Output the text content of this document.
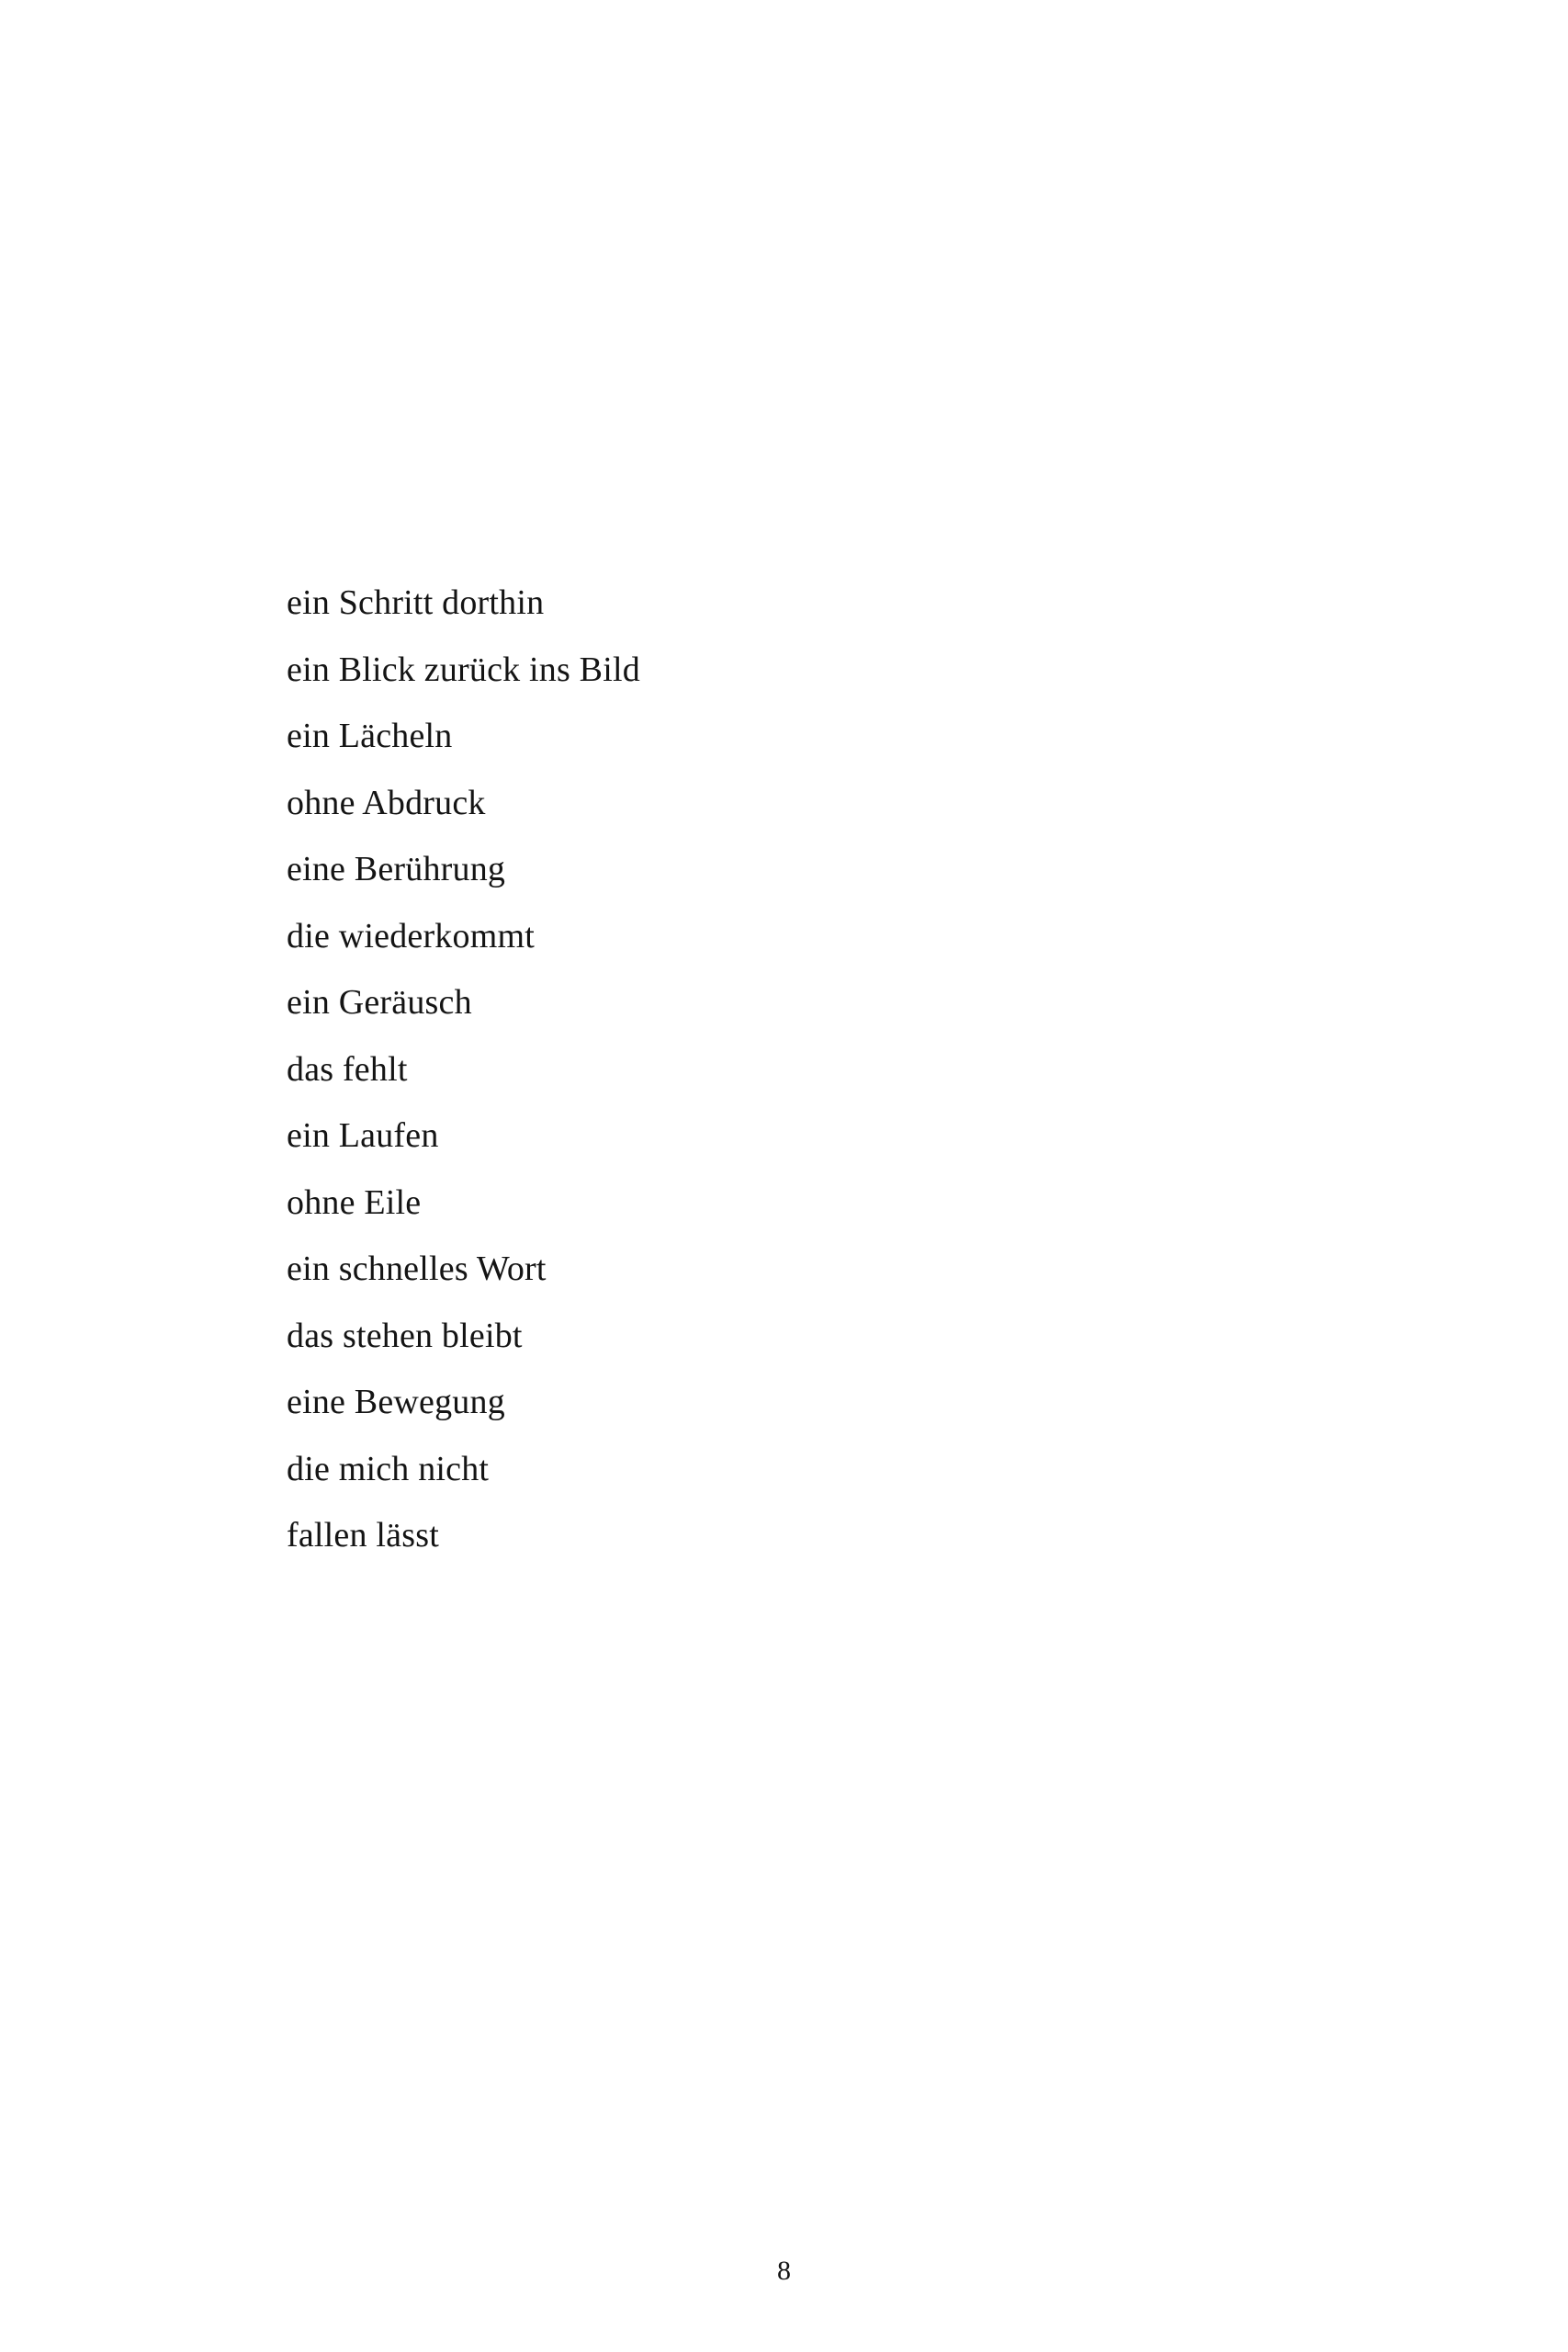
ein Schritt dorthin
ein Blick zurück ins Bild
ein Lächeln
ohne Abdruck
eine Berührung
die wiederkommt
ein Geräusch
das fehlt
ein Laufen
ohne Eile
ein schnelles Wort
das stehen bleibt
eine Bewegung
die mich nicht
fallen lässt
8
